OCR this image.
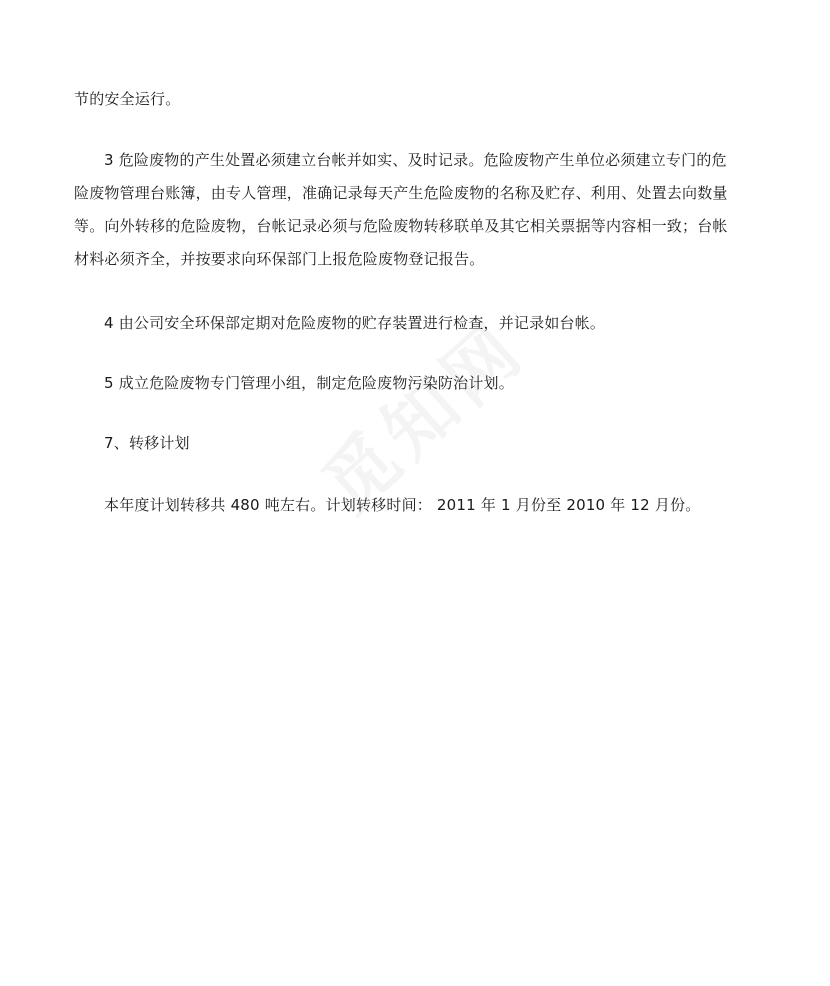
节的安全运行。
3 危险废物的产生处置必须建立台帐并如实、及时记录。危险废物产生单位必须建立专门的危
险废物管理台账簿，由专人管理，准确记录每天产生危险废物的名称及贮存、利用、处置去向数量
等。向外转移的危险废物，台帐记录必须与危险废物转移联单及其它相关票据等内容相一致；台帐
材料必须齐全，并按要求向环保部门上报危险废物登记报告。
4 由公司安全环保部定期对危险废物的贮存装置进行检查，并记录如台帐。
5 成立危险废物专门管理小组，制定危险废物污染防治计划。
7、转移计划
本年度计划转移共 480 吨左右。计划转移时间： 2011 年 1 月份至 2010 年 12 月份。
